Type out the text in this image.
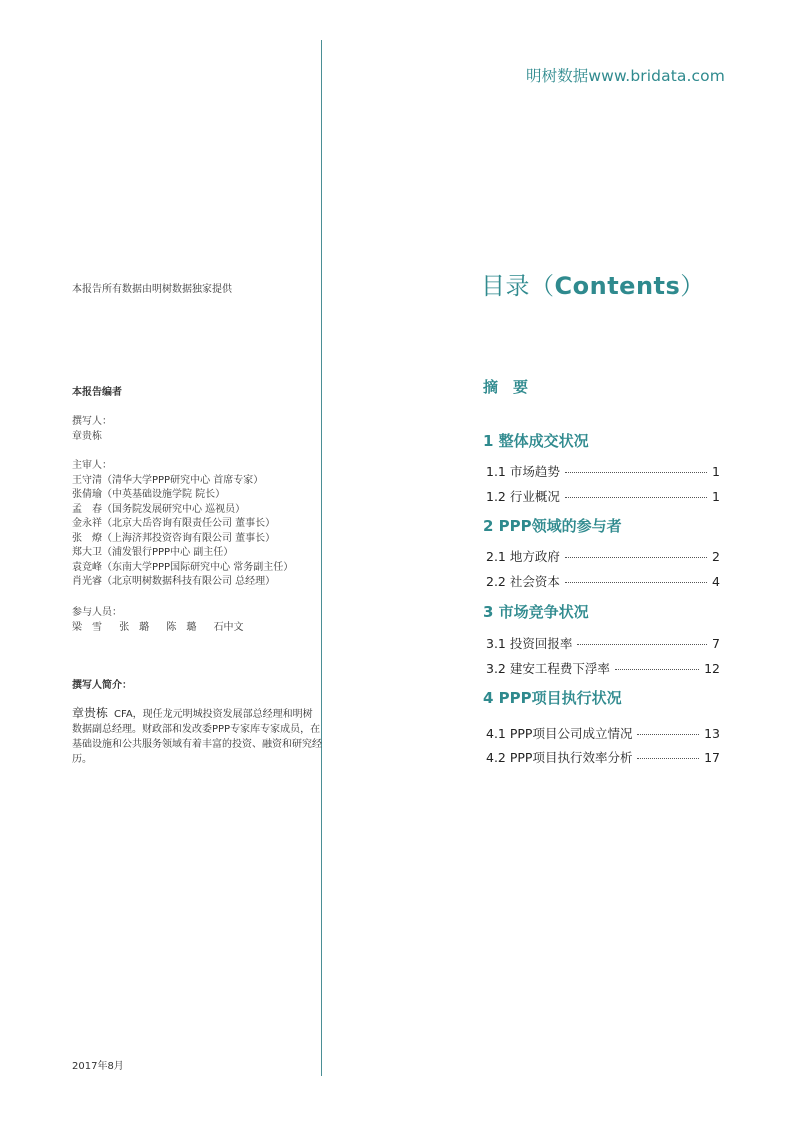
明树数据www.bridata.com
本报告所有数据由明树数据独家提供
本报告编者
撰写人：
章贵栋
主审人：
王守清（清华大学PPP研究中心 首席专家）
张倩瑜（中英基础设施学院 院长）
孟　春（国务院发展研究中心 巡视员）
金永祥（北京大岳咨询有限责任公司 董事长）
张　燎（上海济邦投资咨询有限公司 董事长）
郑大卫（浦发银行PPP中心 副主任）
袁竞峰（东南大学PPP国际研究中心 常务副主任）
肖光睿（北京明树数据科技有限公司 总经理）
参与人员：
梁　雪 张　璐 陈　璐 石中文
撰写人简介：
章贵栋 CFA，现任龙元明城投资发展部总经理和明树数据副总经理。财政部和发改委PPP专家库专家成员，在基础设施和公共服务领域有着丰富的投资、融资和研究经历。
2017年8月
目录（Contents）
摘　要
1 整体成交状况
1.1 市场趋势	1
1.2 行业概况	1
2 PPP领域的参与者
2.1 地方政府	2
2.2 社会资本	4
3 市场竞争状况
3.1 投资回报率	7
3.2 建安工程费下浮率	12
4 PPP项目执行状况
4.1 PPP项目公司成立情况	13
4.2 PPP项目执行效率分析	17
